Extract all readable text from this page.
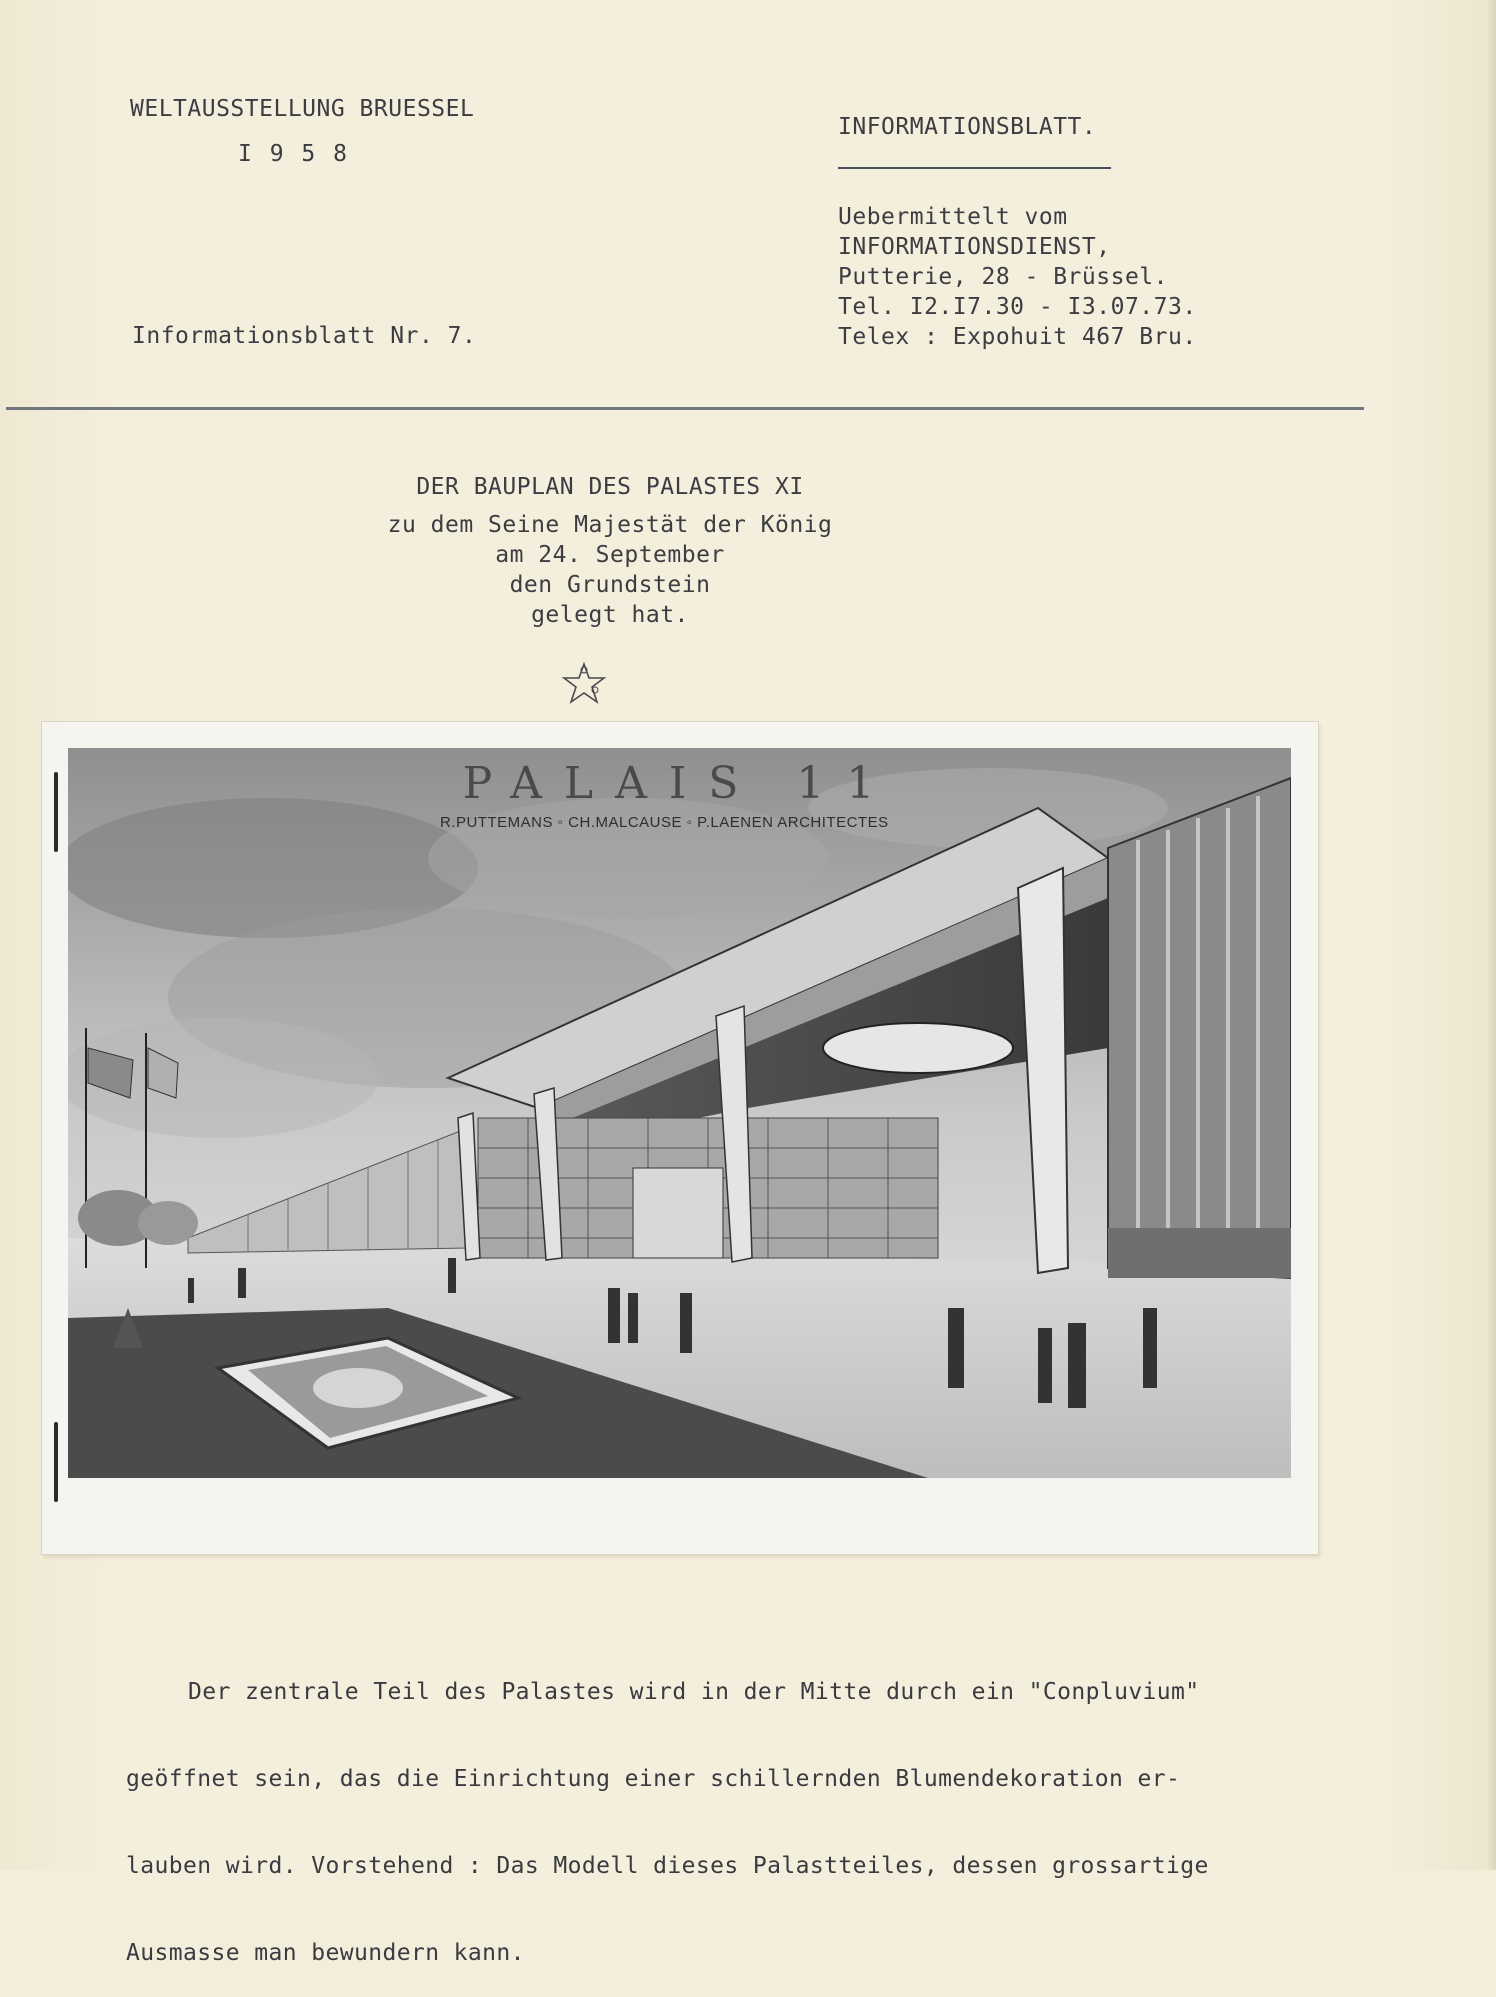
WELTAUSSTELLUNG BRUESSEL
I 9 5 8
Informationsblatt Nr. 7.
INFORMATIONSBLATT.
Uebermittelt vom
INFORMATIONSDIENST,
Putterie, 28 - Brüssel.
Tel. I2.I7.30 - I3.07.73.
Telex : Expohuit 467 Bru.
DER BAUPLAN DES PALASTES XI
zu dem Seine Majestät der König
am 24. September
den Grundstein
gelegt hat.
PALAIS 11
R.PUTTEMANS ◦ CH.MALCAUSE ◦ P.LAENEN ARCHITECTES

Der zentrale Teil des Palastes wird in der Mitte durch ein "Conpluvium"

geöffnet sein, das die Einrichtung einer schillernden Blumendekoration er-

lauben wird. Vorstehend : Das Modell dieses Palastteiles, dessen grossartige

Ausmasse man bewundern kann.
